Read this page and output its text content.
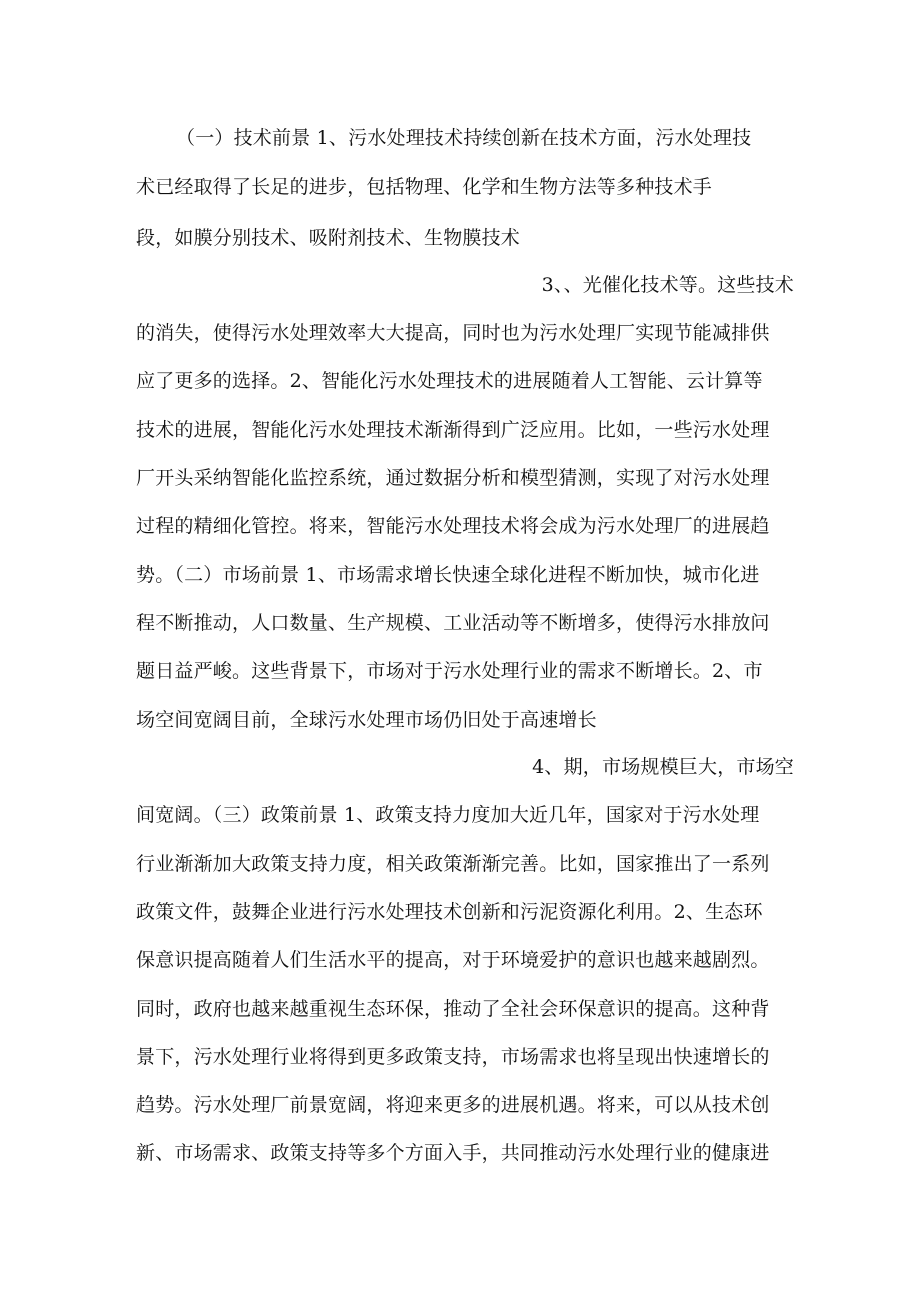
（一）技术前景 1、污水处理技术持续创新在技术方面，污水处理技
术已经取得了长足的进步，包括物理、化学和生物方法等多种技术手
段，如膜分别技术、吸附剂技术、生物膜技术
3、、光催化技术等。这些技术
的消失，使得污水处理效率大大提高，同时也为污水处理厂实现节能减排供
应了更多的选择。2、智能化污水处理技术的进展随着人工智能、云计算等
技术的进展，智能化污水处理技术渐渐得到广泛应用。比如，一些污水处理
厂开头采纳智能化监控系统，通过数据分析和模型猜测，实现了对污水处理
过程的精细化管控。将来，智能污水处理技术将会成为污水处理厂的进展趋
势。（二）市场前景 1、市场需求增长快速全球化进程不断加快，城市化进
程不断推动，人口数量、生产规模、工业活动等不断增多，使得污水排放问
题日益严峻。这些背景下，市场对于污水处理行业的需求不断增长。2、市
场空间宽阔目前，全球污水处理市场仍旧处于高速增长
4、期，市场规模巨大，市场空
间宽阔。（三）政策前景 1、政策支持力度加大近几年，国家对于污水处理
行业渐渐加大政策支持力度，相关政策渐渐完善。比如，国家推出了一系列
政策文件，鼓舞企业进行污水处理技术创新和污泥资源化利用。2、生态环
保意识提高随着人们生活水平的提高，对于环境爱护的意识也越来越剧烈。
同时，政府也越来越重视生态环保，推动了全社会环保意识的提高。这种背
景下，污水处理行业将得到更多政策支持，市场需求也将呈现出快速增长的
趋势。污水处理厂前景宽阔，将迎来更多的进展机遇。将来，可以从技术创
新、市场需求、政策支持等多个方面入手，共同推动污水处理行业的健康进
